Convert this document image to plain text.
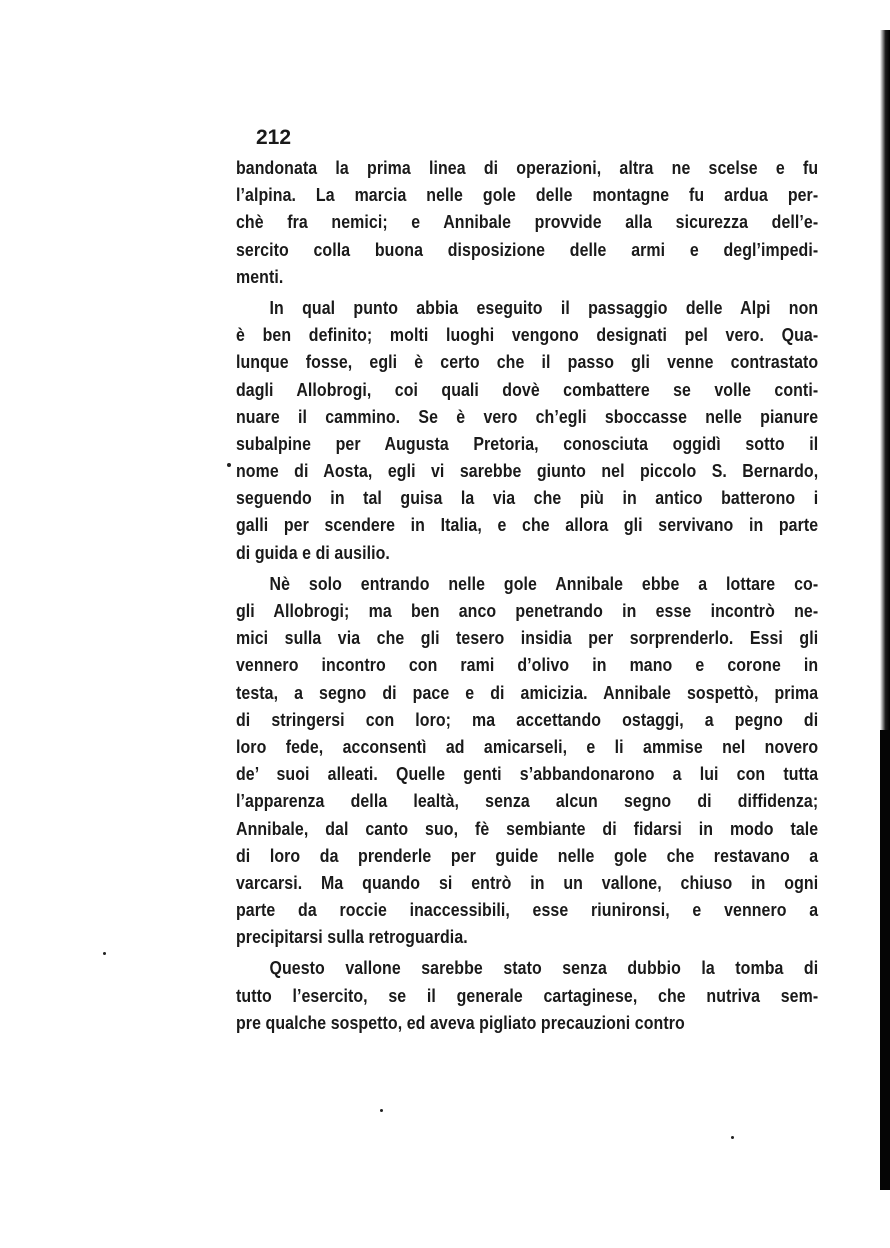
212
bandonata la prima linea di operazioni, altra ne scelse e fu
l’alpina. La marcia nelle gole delle montagne fu ardua per-
chè fra nemici; e Annibale provvide alla sicurezza dell’e-
sercito colla buona disposizione delle armi e degl’impedi-
menti.
In qual punto abbia eseguito il passaggio delle Alpi non
è ben definito; molti luoghi vengono designati pel vero. Qua-
lunque fosse, egli è certo che il passo gli venne contrastato
dagli Allobrogi, coi quali dovè combattere se volle conti-
nuare il cammino. Se è vero ch’egli sboccasse nelle pianure
subalpine per Augusta Pretoria, conosciuta oggidì sotto il
nome di Aosta, egli vi sarebbe giunto nel piccolo S. Bernardo,
seguendo in tal guisa la via che più in antico batterono i
galli per scendere in Italia, e che allora gli servivano in parte
di guida e di ausilio.
Nè solo entrando nelle gole Annibale ebbe a lottare co-
gli Allobrogi; ma ben anco penetrando in esse incontrò ne-
mici sulla via che gli tesero insidia per sorprenderlo. Essi gli
vennero incontro con rami d’olivo in mano e corone in
testa, a segno di pace e di amicizia. Annibale sospettò, prima
di stringersi con loro; ma accettando ostaggi, a pegno di
loro fede, acconsentì ad amicarseli, e li ammise nel novero
de’ suoi alleati. Quelle genti s’abbandonarono a lui con tutta
l’apparenza della lealtà, senza alcun segno di diffidenza;
Annibale, dal canto suo, fè sembiante di fidarsi in modo tale
di loro da prenderle per guide nelle gole che restavano a
varcarsi. Ma quando si entrò in un vallone, chiuso in ogni
parte da roccie inaccessibili, esse riunironsi, e vennero a
precipitarsi sulla retroguardia.
Questo vallone sarebbe stato senza dubbio la tomba di
tutto l’esercito, se il generale cartaginese, che nutriva sem-
pre qualche sospetto, ed aveva pigliato precauzioni contro
